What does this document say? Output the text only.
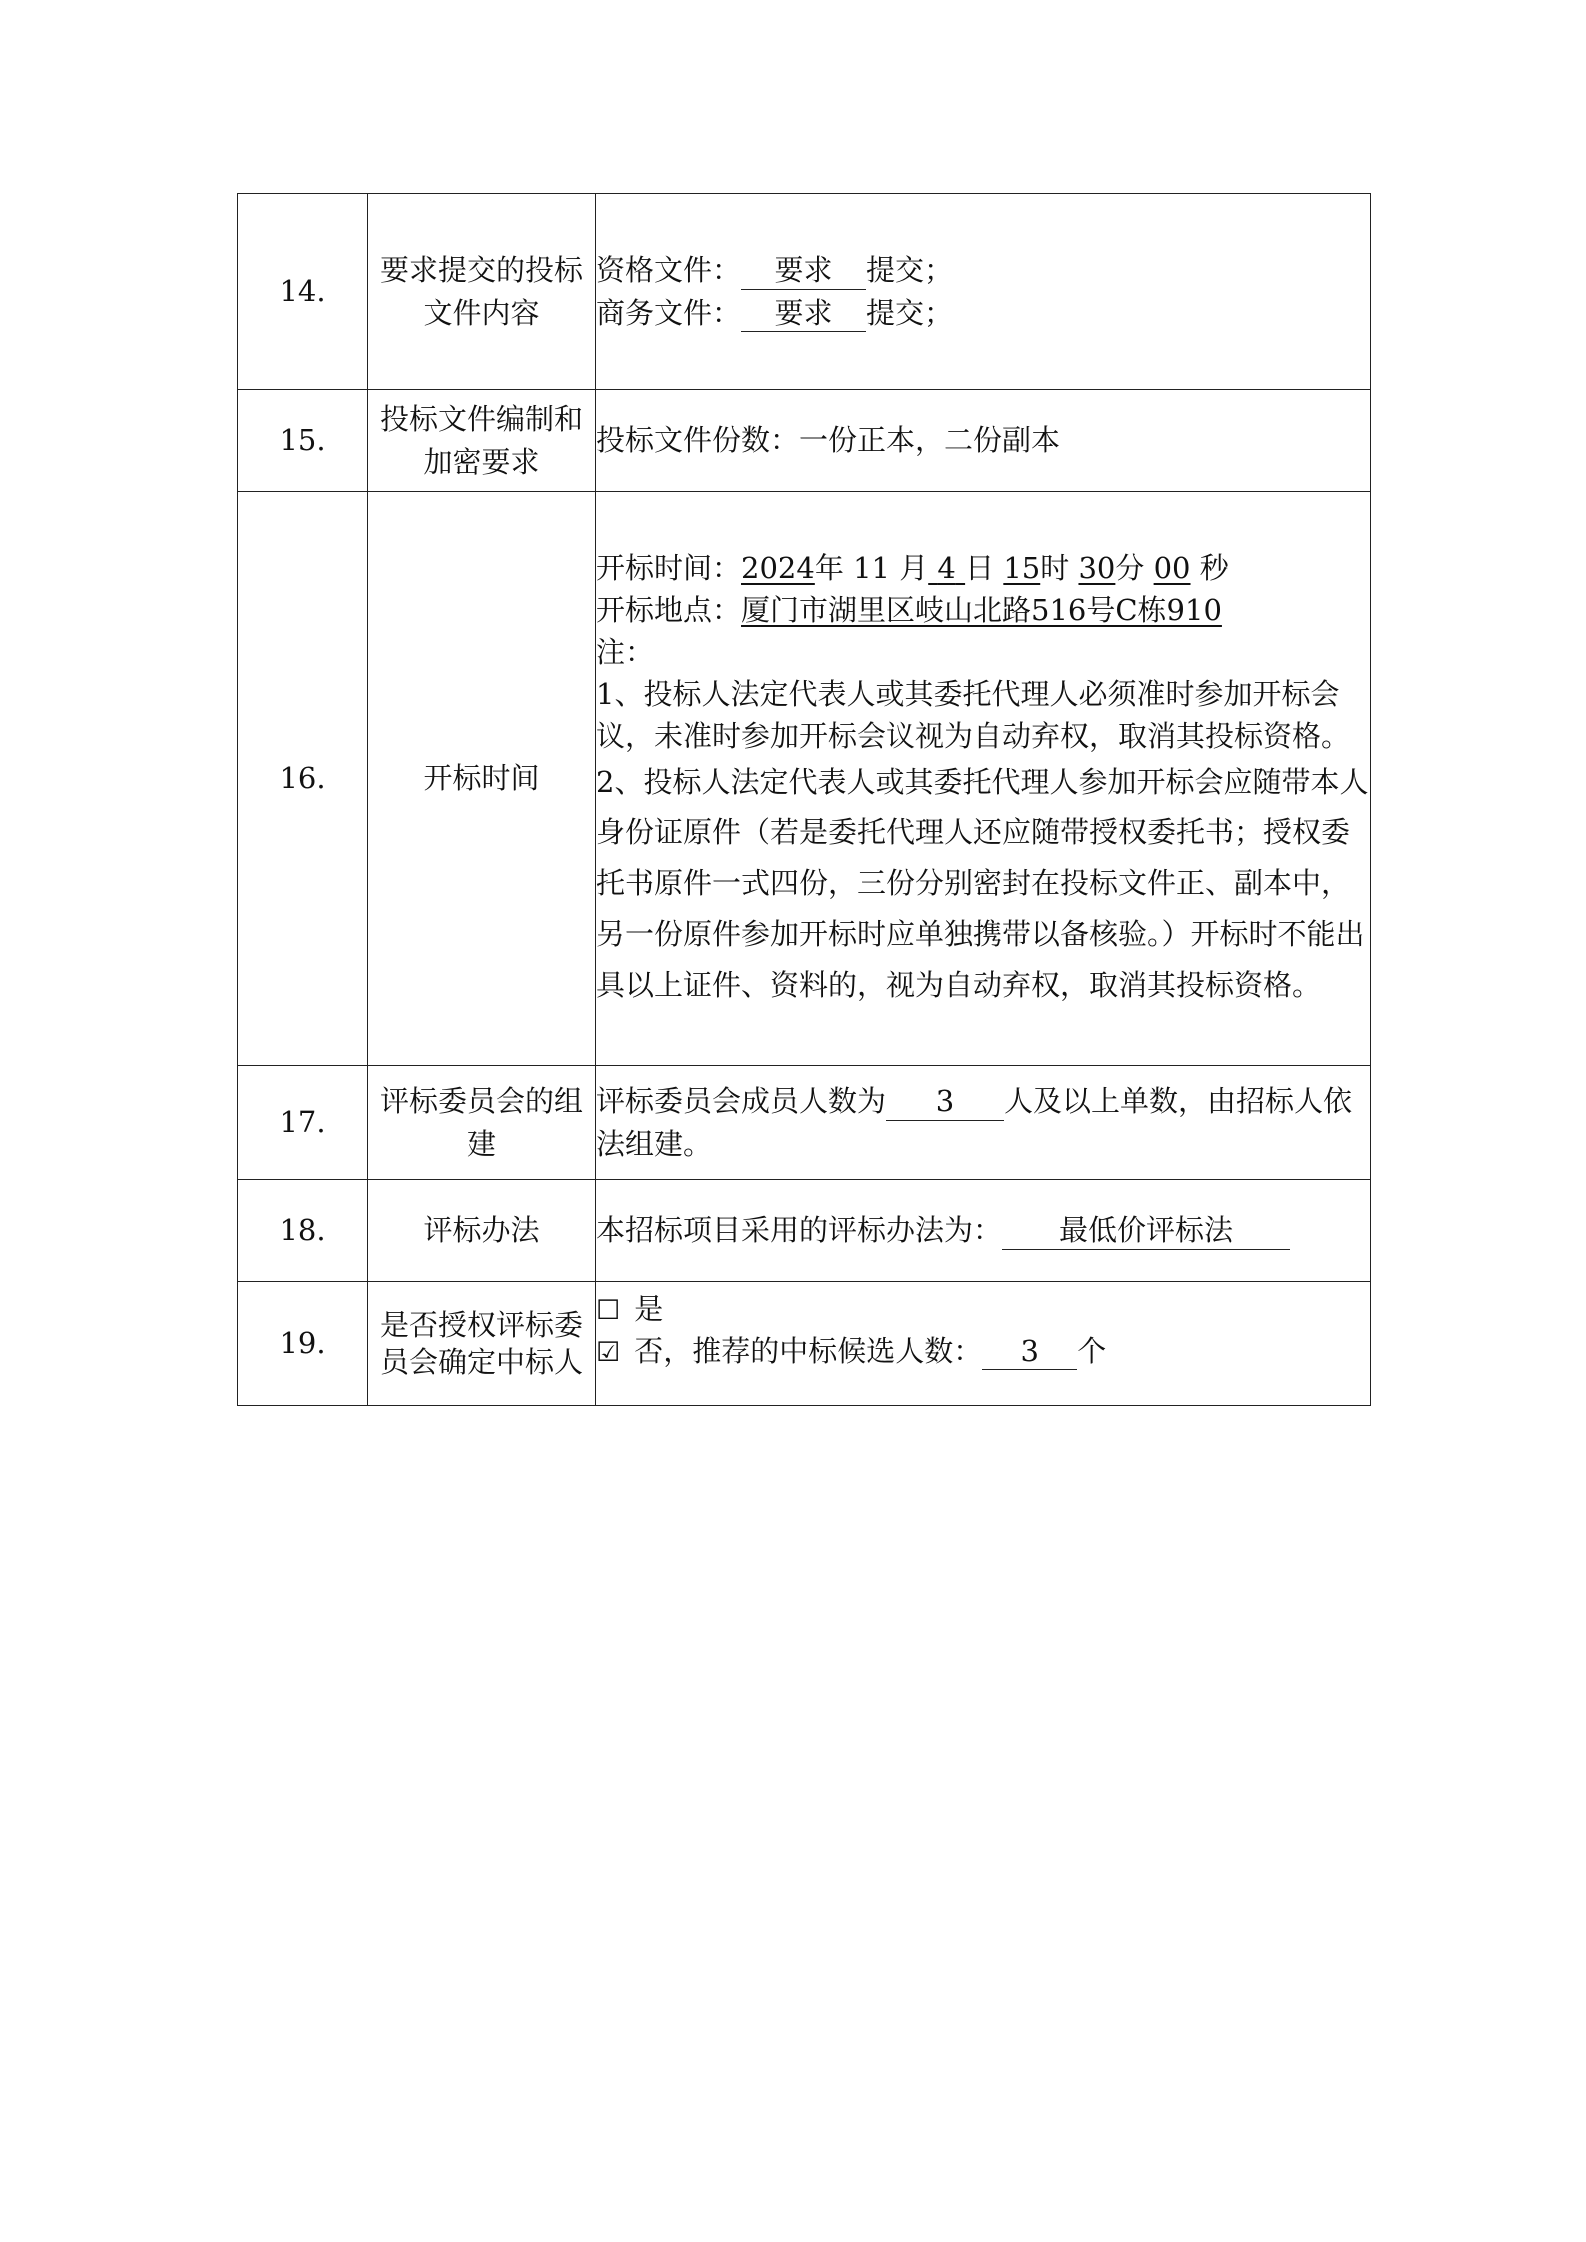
14.	要求提交的投标文件内容	资格文件： 要求 提交；
商务文件： 要求 提交；

15.	投标文件编制和加密要求	投标文件份数：一份正本，二份副本
16.	开标时间	开标时间：2024年 11 月 4 日 15时 30分 00 秒
开标地点：厦门市湖里区岐山北路516号C栋910
注：
1、投标人法定代表人或其委托代理人必须准时参加开标会议，未准时参加开标会议视为自动弃权，取消其投标资格。
2、投标人法定代表人或其委托代理人参加开标会应随带本人身份证原件（若是委托代理人还应随带授权委托书；授权委托书原件一式四份，三份分别密封在投标文件正、副本中，另一份原件参加开标时应单独携带以备核验。）开标时不能出具以上证件、资料的，视为自动弃权，取消其投标资格。

17.	评标委员会的组建	评标委员会成员人数为 3 人及以上单数，由招标人依法组建。
18.	评标办法	本招标项目采用的评标办法为： 最低价评标法
19.	是否授权评标委员会确定中标人	☐ 是
☑ 否，推荐的中标候选人数： 3 个
